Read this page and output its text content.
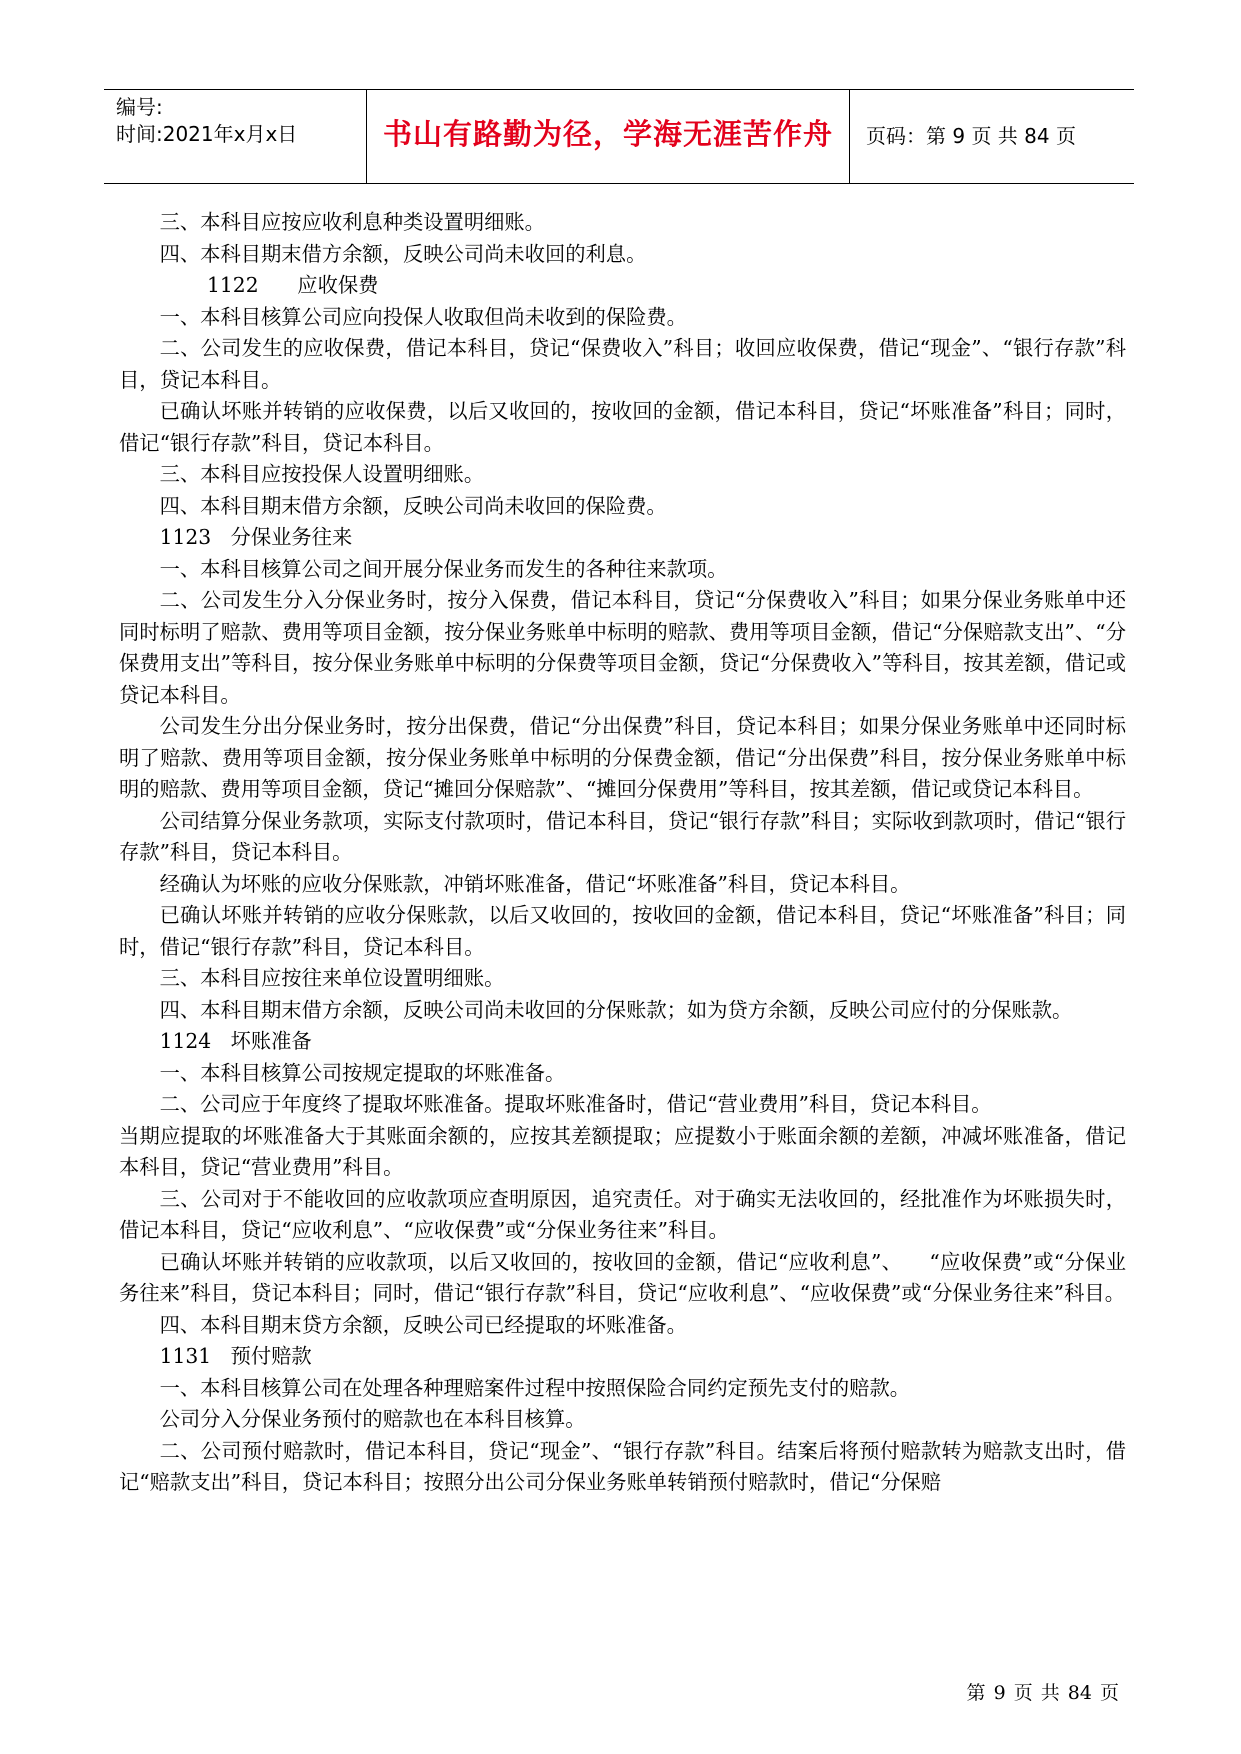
编号:
时间:2021年x月x日	书山有路勤为径，学海无涯苦作舟	页码：第 9 页 共 84 页

三、本科目应按应收利息种类设置明细账。

四、本科目期末借方余额，反映公司尚未收回的利息。

1122      应收保费

一、本科目核算公司应向投保人收取但尚未收到的保险费。

二、公司发生的应收保费，借记本科目，贷记“保费收入”科目；收回应收保费，借记“现金”、“银行存款”科目，贷记本科目。

已确认坏账并转销的应收保费，以后又收回的，按收回的金额，借记本科目，贷记“坏账准备”科目；同时，借记“银行存款”科目，贷记本科目。

三、本科目应按投保人设置明细账。

四、本科目期末借方余额，反映公司尚未收回的保险费。

1123   分保业务往来

一、本科目核算公司之间开展分保业务而发生的各种往来款项。

二、公司发生分入分保业务时，按分入保费，借记本科目，贷记“分保费收入”科目；如果分保业务账单中还同时标明了赔款、费用等项目金额，按分保业务账单中标明的赔款、费用等项目金额，借记“分保赔款支出”、“分保费用支出”等科目，按分保业务账单中标明的分保费等项目金额，贷记“分保费收入”等科目，按其差额，借记或贷记本科目。

公司发生分出分保业务时，按分出保费，借记“分出保费”科目，贷记本科目；如果分保业务账单中还同时标明了赔款、费用等项目金额，按分保业务账单中标明的分保费金额，借记“分出保费”科目，按分保业务账单中标明的赔款、费用等项目金额，贷记“摊回分保赔款”、“摊回分保费用”等科目，按其差额，借记或贷记本科目。

公司结算分保业务款项，实际支付款项时，借记本科目，贷记“银行存款”科目；实际收到款项时，借记“银行存款”科目，贷记本科目。

经确认为坏账的应收分保账款，冲销坏账准备，借记“坏账准备”科目，贷记本科目。

已确认坏账并转销的应收分保账款，以后又收回的，按收回的金额，借记本科目，贷记“坏账准备”科目；同时，借记“银行存款”科目，贷记本科目。

三、本科目应按往来单位设置明细账。

四、本科目期末借方余额，反映公司尚未收回的分保账款；如为贷方余额，反映公司应付的分保账款。

1124   坏账准备

一、本科目核算公司按规定提取的坏账准备。

二、公司应于年度终了提取坏账准备。提取坏账准备时，借记“营业费用”科目，贷记本科目。

当期应提取的坏账准备大于其账面余额的，应按其差额提取；应提数小于账面余额的差额，冲减坏账准备，借记本科目，贷记“营业费用”科目。

三、公司对于不能收回的应收款项应查明原因，追究责任。对于确实无法收回的，经批准作为坏账损失时，借记本科目，贷记“应收利息”、“应收保费”或“分保业务往来”科目。

已确认坏账并转销的应收款项，以后又收回的，按收回的金额，借记“应收利息”、    “应收保费”或“分保业务往来”科目，贷记本科目；同时，借记“银行存款”科目，贷记“应收利息”、“应收保费”或“分保业务往来”科目。

四、本科目期末贷方余额，反映公司已经提取的坏账准备。

1131   预付赔款

一、本科目核算公司在处理各种理赔案件过程中按照保险合同约定预先支付的赔款。

公司分入分保业务预付的赔款也在本科目核算。

二、公司预付赔款时，借记本科目，贷记“现金”、“银行存款”科目。结案后将预付赔款转为赔款支出时，借记“赔款支出”科目，贷记本科目；按照分出公司分保业务账单转销预付赔款时，借记“分保赔

第 9 页 共 84 页
